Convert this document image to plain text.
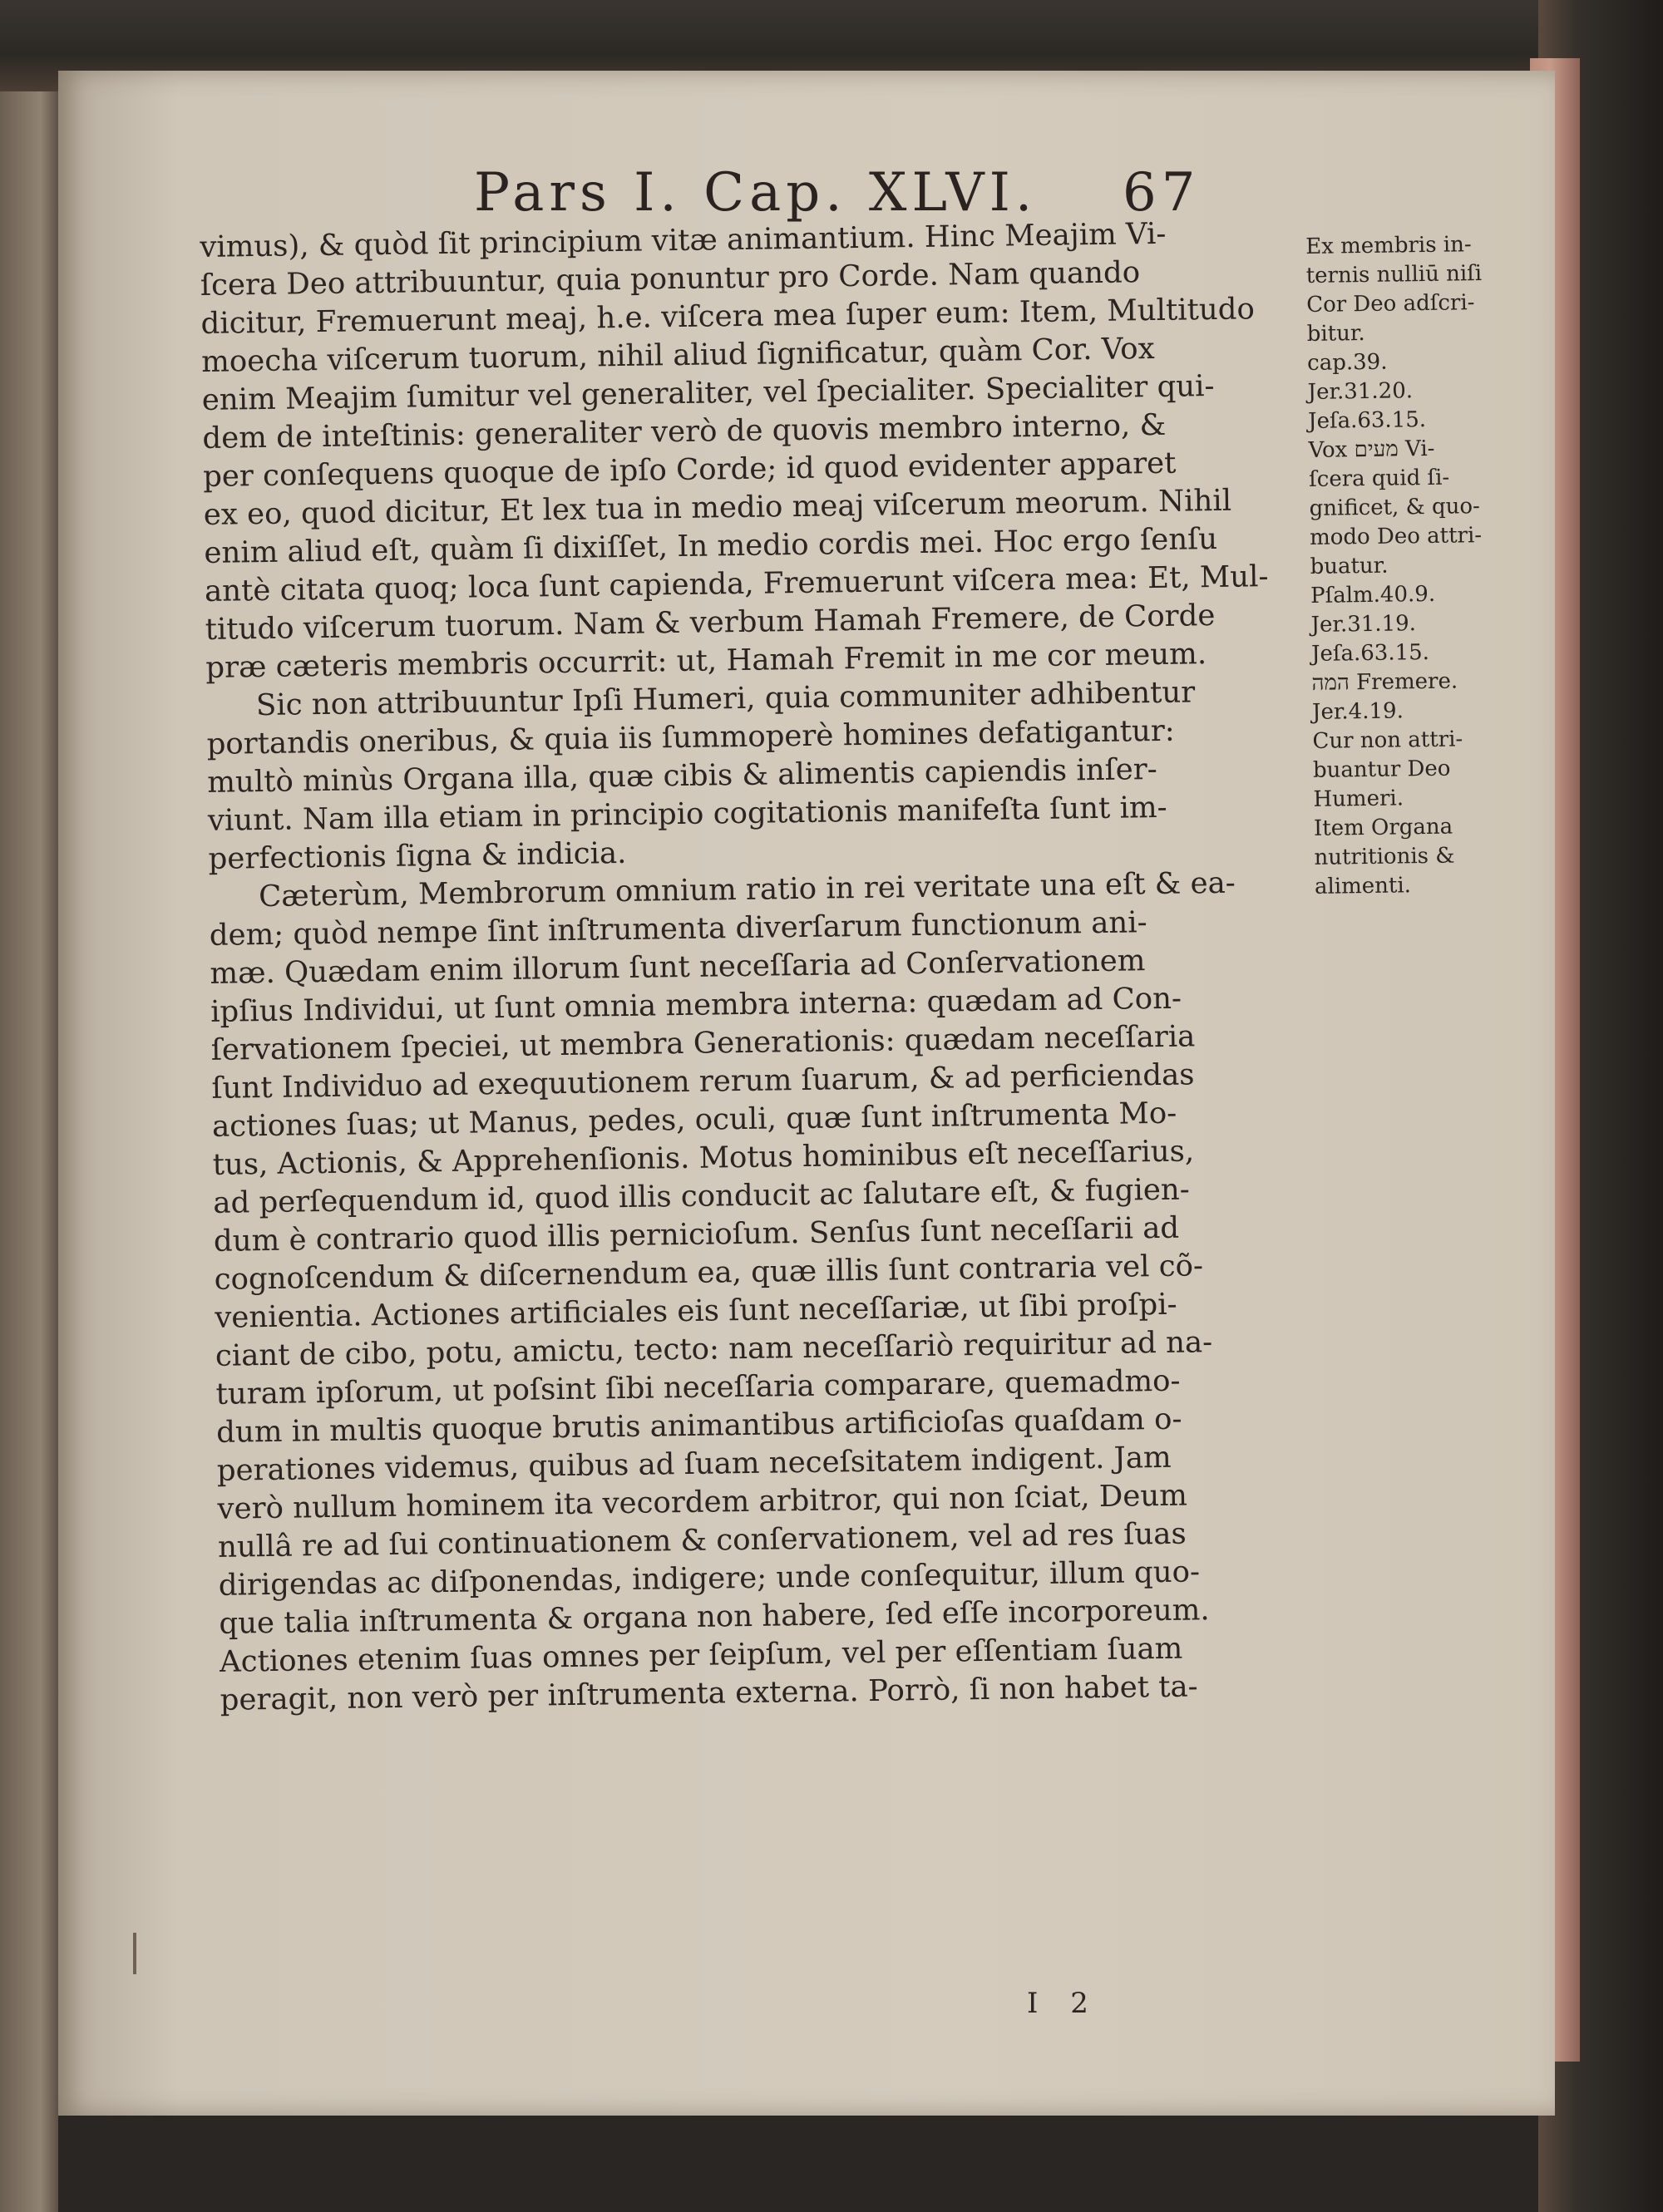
Pars I. Cap. XLVI. 67
vimus), & quòd ſit principium vitæ animantium. Hinc Meajim Vi-
ſcera Deo attribuuntur, quia ponuntur pro Corde. Nam quando
dicitur, Fremuerunt meaj, h.e. viſcera mea ſuper eum: Item, Multitudo
moecha viſcerum tuorum, nihil aliud ſignificatur, quàm Cor. Vox
enim Meajim ſumitur vel generaliter, vel ſpecialiter. Specialiter qui-
dem de inteſtinis: generaliter verò de quovis membro interno, &
per conſequens quoque de ipſo Corde; id quod evidenter apparet
ex eo, quod dicitur, Et lex tua in medio meaj viſcerum meorum. Nihil
enim aliud eſt, quàm ſi dixiſſet, In medio cordis mei. Hoc ergo ſenſu
antè citata quoq; loca ſunt capienda, Fremuerunt viſcera mea: Et, Mul-
titudo viſcerum tuorum. Nam & verbum Hamah Fremere, de Corde
præ cæteris membris occurrit: ut, Hamah Fremit in me cor meum.
Sic non attribuuntur Ipſi Humeri, quia communiter adhibentur
portandis oneribus, & quia iis ſummoperè homines defatigantur:
multò minùs Organa illa, quæ cibis & alimentis capiendis inſer-
viunt. Nam illa etiam in principio cogitationis manifeſta ſunt im-
perfectionis ſigna & indicia.
Cæterùm, Membrorum omnium ratio in rei veritate una eſt & ea-
dem; quòd nempe ſint inſtrumenta diverſarum functionum ani-
mæ. Quædam enim illorum ſunt neceſſaria ad Conſervationem
ipſius Individui, ut ſunt omnia membra interna: quædam ad Con-
ſervationem ſpeciei, ut membra Generationis: quædam neceſſaria
ſunt Individuo ad exequutionem rerum ſuarum, & ad perficiendas
actiones ſuas; ut Manus, pedes, oculi, quæ ſunt inſtrumenta Mo-
tus, Actionis, & Apprehenſionis. Motus hominibus eſt neceſſarius,
ad perſequendum id, quod illis conducit ac ſalutare eſt, & fugien-
dum è contrario quod illis pernicioſum. Senſus ſunt neceſſarii ad
cognoſcendum & diſcernendum ea, quæ illis ſunt contraria vel cõ-
venientia. Actiones artificiales eis ſunt neceſſariæ, ut ſibi proſpi-
ciant de cibo, potu, amictu, tecto: nam neceſſariò requiritur ad na-
turam ipſorum, ut poſsint ſibi neceſſaria comparare, quemadmo-
dum in multis quoque brutis animantibus artificioſas quaſdam o-
perationes videmus, quibus ad ſuam neceſsitatem indigent. Jam
verò nullum hominem ita vecordem arbitror, qui non ſciat, Deum
nullâ re ad ſui continuationem & conſervationem, vel ad res ſuas
dirigendas ac diſponendas, indigere; unde conſequitur, illum quo-
que talia inſtrumenta & organa non habere, ſed eſſe incorporeum.
Actiones etenim ſuas omnes per ſeipſum, vel per eſſentiam ſuam
peragit, non verò per inſtrumenta externa. Porrò, ſi non habet ta-
Ex membris in-
ternis nulliū niſi
Cor Deo adſcri-
bitur.
cap.39.
Jer.31.20.
Jeſa.63.15.
Vox מעים Vi-
ſcera quid ſi-
gnificet, & quo-
modo Deo attri-
buatur.
Pſalm.40.9.
Jer.31.19.
Jeſa.63.15.
המה Fremere.
Jer.4.19.
Cur non attri-
buantur Deo
Humeri.
Item Organa
nutritionis &
alimenti.
I 2
